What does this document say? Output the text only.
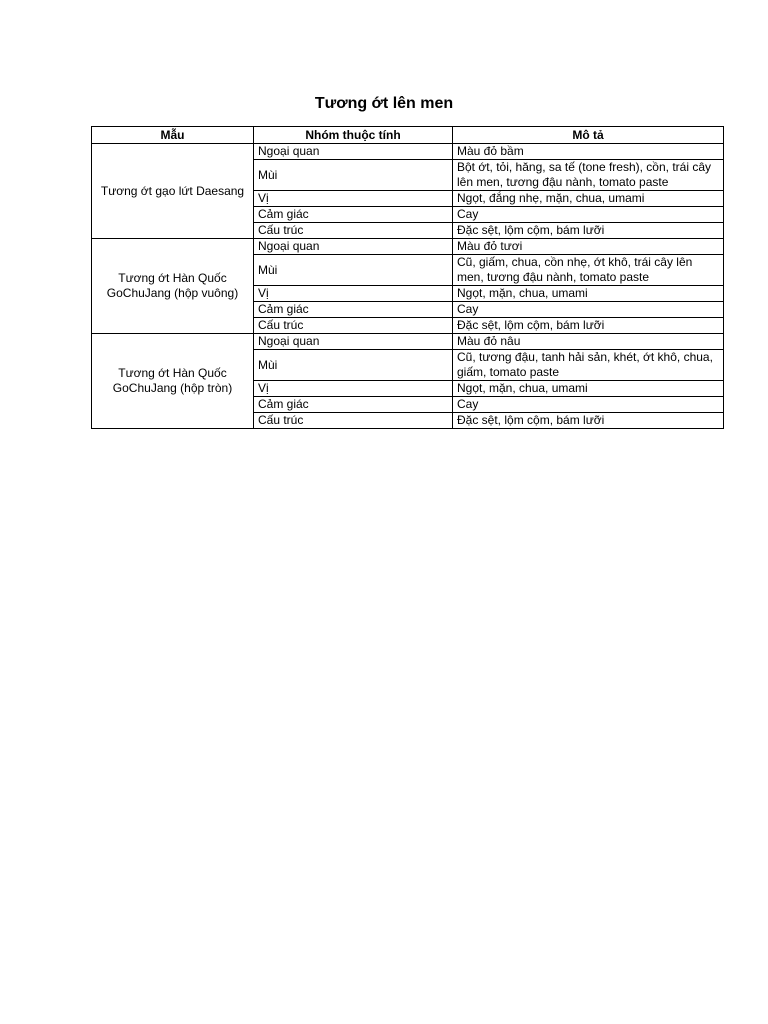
Tương ớt lên men
Mẫu	Nhóm thuộc tính	Mô tả
Tương ớt gạo lứt Daesang	Ngoại quan	Màu đỏ bầm
	Mùi	Bột ớt, tỏi, hăng, sa tế (tone fresh), cồn, trái cây lên men, tương đậu nành, tomato paste
	Vị	Ngọt, đắng nhẹ, mặn, chua, umami
	Cảm giác	Cay
	Cấu trúc	Đặc sệt, lộm cộm, bám lưỡi
Tương ớt Hàn Quốc GoChuJang (hộp vuông)	Ngoại quan	Màu đỏ tươi
	Mùi	Cũ, giấm, chua, cồn nhẹ, ớt khô, trái cây lên men, tương đậu nành, tomato paste
	Vị	Ngọt, mặn, chua, umami
	Cảm giác	Cay
	Cấu trúc	Đặc sệt, lộm cộm, bám lưỡi
Tương ớt Hàn Quốc GoChuJang (hộp tròn)	Ngoại quan	Màu đỏ nâu
	Mùi	Cũ, tương đậu, tanh hải sản, khét, ớt khô, chua, giấm, tomato paste
	Vị	Ngọt, mặn, chua, umami
	Cảm giác	Cay
	Cấu trúc	Đặc sệt, lộm cộm, bám lưỡi
